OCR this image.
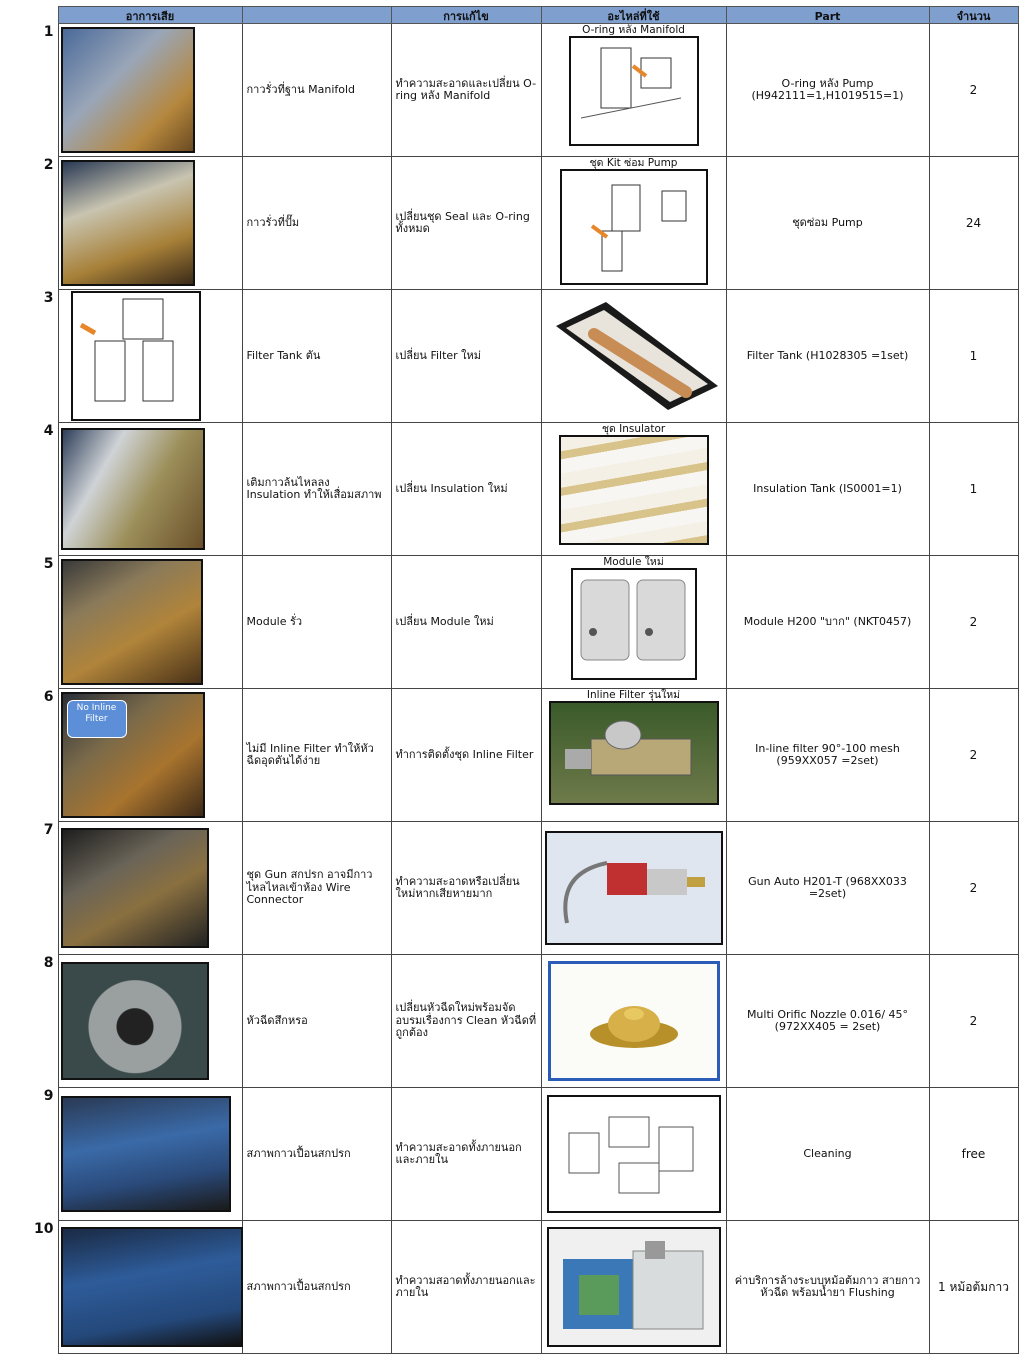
	อาการเสีย		การแก้ไข	อะไหล่ที่ใช้	Part	จำนวน
1		กาวรั่วที่ฐาน Manifold	ทำความสะอาดและเปลี่ยน O-ring หลัง Manifold	O-ring หลัง Manifold	O-ring หลัง Pump (H942111=1,H1019515=1)	2
2		กาวรั่วที่ปั๊ม	เปลี่ยนชุด Seal และ O-ring ทั้งหมด	ชุด Kit ซ่อม Pump	ชุดซ่อม Pump	24
3		Filter Tank ตัน	เปลี่ยน Filter ใหม่		Filter Tank (H1028305 =1set)	1
4		เติมกาวล้นไหลลง Insulation ทำให้เสื่อมสภาพ	เปลี่ยน Insulation ใหม่	ชุด Insulator	Insulation Tank (IS0001=1)	1
5		Module รั่ว	เปลี่ยน Module ใหม่	Module ใหม่	Module H200 "บาก" (NKT0457)	2
6	No Inline Filter	ไม่มี Inline Filter ทำให้หัวฉีดอุดตันได้ง่าย	ทำการติดตั้งชุด Inline Filter	Inline Filter รุ่นใหม่	In-line filter 90°-100 mesh (959XX057 =2set)	2
7		ชุด Gun สกปรก อาจมีกาวไหลไหลเข้าห้อง Wire Connector	ทำความสะอาดหรือเปลี่ยนใหม่หากเสียหายมาก		Gun Auto H201-T (968XX033 =2set)	2
8		หัวฉีดสึกหรอ	เปลี่ยนหัวฉีดใหม่พร้อมจัดอบรมเรื่องการ Clean หัวฉีดที่ถูกต้อง		Multi Orific Nozzle 0.016/ 45° (972XX405 = 2set)	2
9		สภาพกาวเปื้อนสกปรก	ทำความสะอาดทั้งภายนอกและภายใน		Cleaning	free
10		สภาพกาวเปื้อนสกปรก	ทำความสอาดทั้งภายนอกและภายใน		ค่าบริการล้างระบบหม้อต้มกาว สายกาว หัวฉีด พร้อมน้ำยา Flushing	1 หม้อต้มกาว
